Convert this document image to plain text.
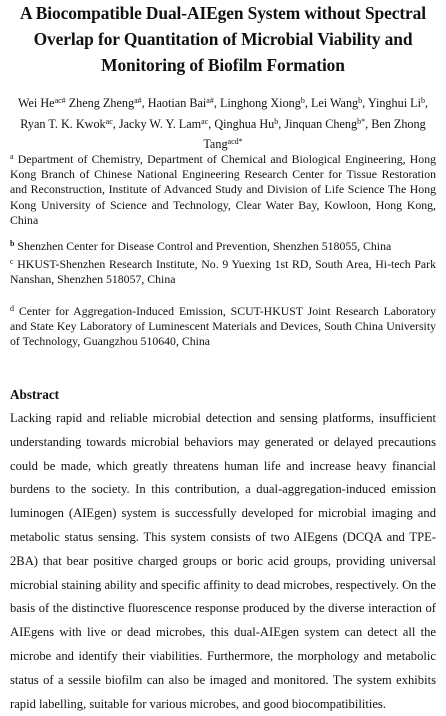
A Biocompatible Dual-AIEgen System without Spectral Overlap for Quantitation of Microbial Viability and Monitoring of Biofilm Formation
Wei $He^{ac\#}$ Zheng Zheng$^{a\#}$, Haotian Bai$^{a\#}$, Linghong Xiong$^b$, Lei Wang$^b$, Yinghui Li$^b$, Ryan T. K. Kwok$^{ac}$, Jacky W. Y. Lam$^{ac}$, Qinghua Hu$^b$, Jinquan Cheng$^{b*}$, Ben Zhong Tang$^{acd*}$
$^a$ Department of Chemistry, Department of Chemical and Biological Engineering, Hong Kong Branch of Chinese National Engineering Research Center for Tissue Restoration and Reconstruction, Institute of Advanced Study and Division of Life Science The Hong Kong University of Science and Technology, Clear Water Bay, Kowloon, Hong Kong, China
$^b$ Shenzhen Center for Disease Control and Prevention, Shenzhen 518055, China
$^c$ HKUST-Shenzhen Research Institute, No. 9 Yuexing 1st RD, South Area, Hi-tech Park Nanshan, Shenzhen 518057, China
$^d$ Center for Aggregation-Induced Emission, SCUT-HKUST Joint Research Laboratory and State Key Laboratory of Luminescent Materials and Devices, South China University of Technology, Guangzhou 510640, China
Abstract
Lacking rapid and reliable microbial detection and sensing platforms, insufficient understanding towards microbial behaviors may generated or delayed precautions could be made, which greatly threatens human life and increase heavy financial burdens to the society. In this contribution, a dual-aggregation-induced emission luminogen (AIEgen) system is successfully developed for microbial imaging and metabolic status sensing. This system consists of two AIEgens (DCQA and TPE-2BA) that bear positive charged groups or boric acid groups, providing universal microbial staining ability and specific affinity to dead microbes, respectively. On the basis of the distinctive fluorescence response produced by the diverse interaction of AIEgens with live or dead microbes, this dual-AIEgen system can detect all the microbe and identify their viabilities. Furthermore, the morphology and metabolic status of a sessile biofilm can also be imaged and monitored. The system exhibits rapid labelling, suitable for various microbes, and good biocompatibilities.
